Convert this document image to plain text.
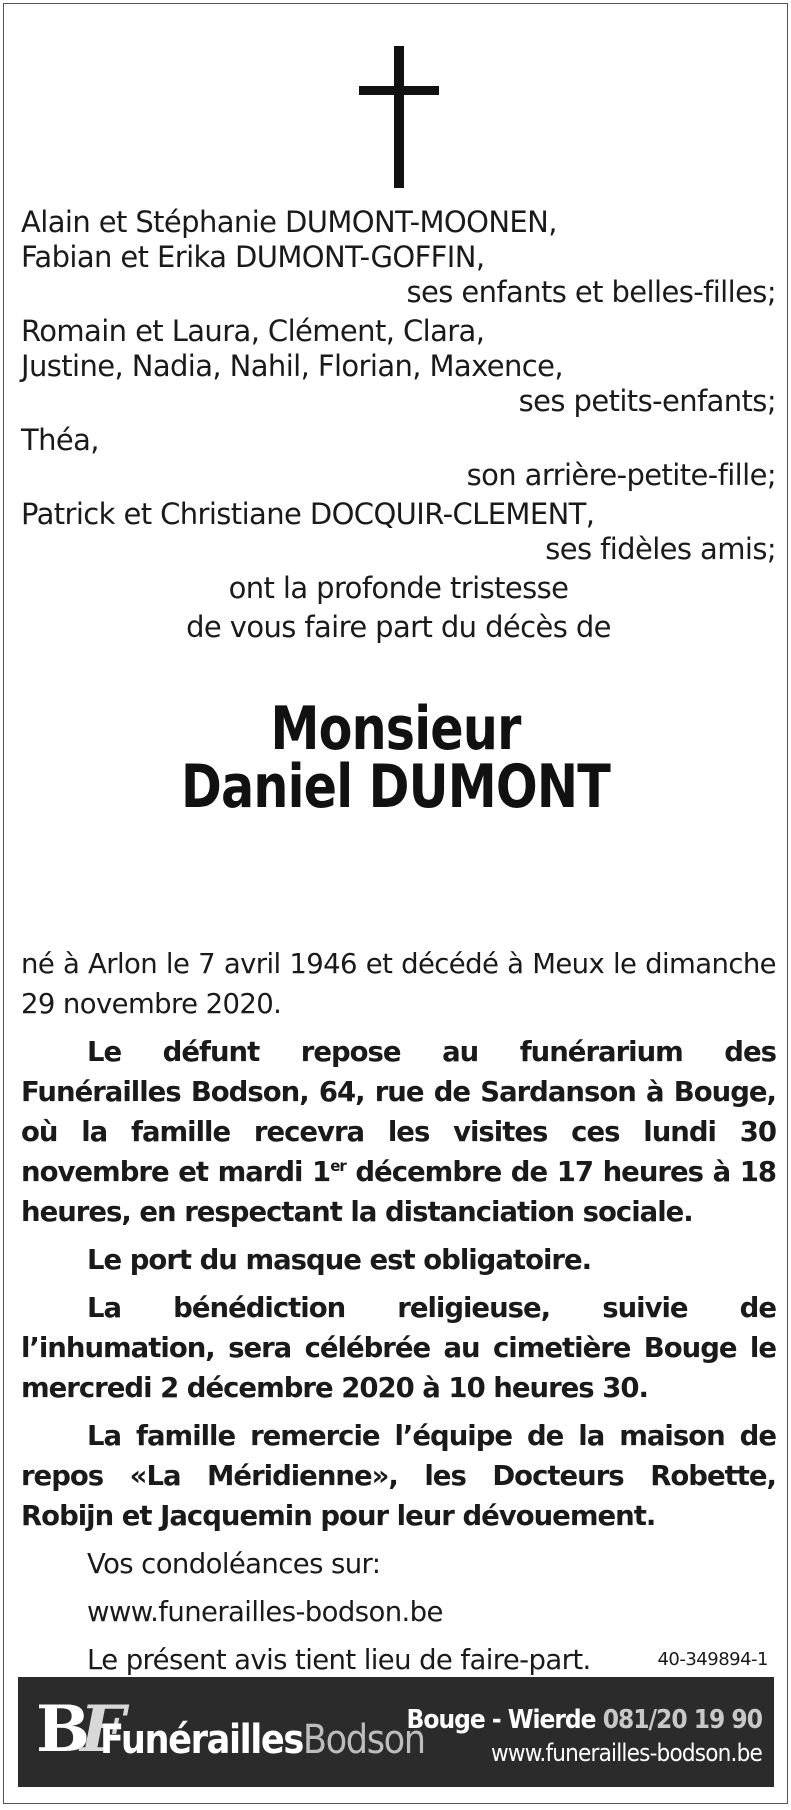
Alain et Stéphanie DUMONT-MOONEN,
Fabian et Erika DUMONT-GOFFIN,
ses enfants et belles-filles;
Romain et Laura, Clément, Clara,
Justine, Nadia, Nahil, Florian, Maxence,
ses petits-enfants;
Théa,
son arrière-petite-fille;
Patrick et Christiane DOCQUIR-CLEMENT,
ses fidèles amis;
ont la profonde tristesse
de vous faire part du décès de
Monsieur
Daniel DUMONT

né à Arlon le 7 avril 1946 et décédé à Meux le dimanche 29 novembre 2020.

Le défunt repose au funérarium des Funérailles Bodson, 64, rue de Sardanson à Bouge, où la famille recevra les visites ces lundi 30 novembre et mardi 1er décembre de 17 heures à 18 heures, en respectant la distanciation sociale.

Le port du masque est obligatoire.

La bénédiction religieuse, suivie de l’inhumation, sera célébrée au cimetière Bouge le mercredi 2 décembre 2020 à 10 heures 30.

La famille remercie l’équipe de la maison de repos «La Méridienne», les Docteurs Robette, Robijn et Jacquemin pour leur dévouement.

Vos condoléances sur:

www.funerailles-bodson.be

Le présent avis tient lieu de faire-part.	40-349894-1
BF
FunéraillesBodson
Bouge - Wierde 081/20 19 90
www.funerailles-bodson.be
